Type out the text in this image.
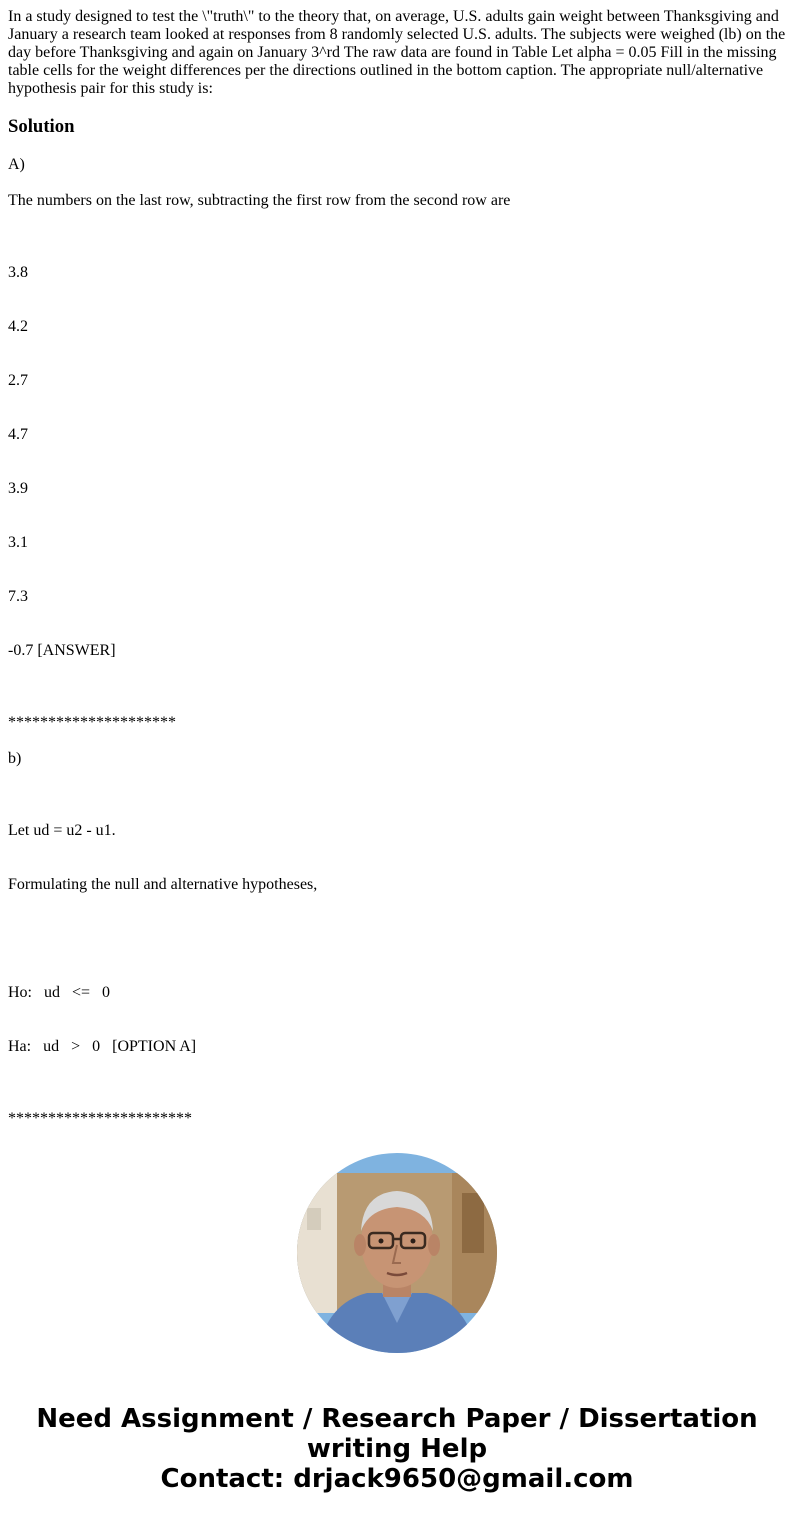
In a study designed to test the \"truth\" to the theory that, on average, U.S. adults gain weight between Thanksgiving and January a research team looked at responses from 8 randomly selected U.S. adults. The subjects were weighed (lb) on the day before Thanksgiving and again on January 3^rd The raw data are found in Table Let alpha = 0.05 Fill in the missing table cells for the weight differences per the directions outlined in the bottom caption. The appropriate null/alternative hypothesis pair for this study is:

Solution

A)

The numbers on the last row, subtracting the first row from the second row are

3.8

4.2

2.7

4.7

3.9

3.1

7.3

-0.7 [ANSWER]

*********************

b)

Let ud = u2 - u1.

Formulating the null and alternative hypotheses,

Ho:   ud   <=   0

Ha:   ud   >   0   [OPTION A]

***********************

Need Assignment / Research Paper / Dissertation
writing Help
Contact: drjack9650@gmail.com
